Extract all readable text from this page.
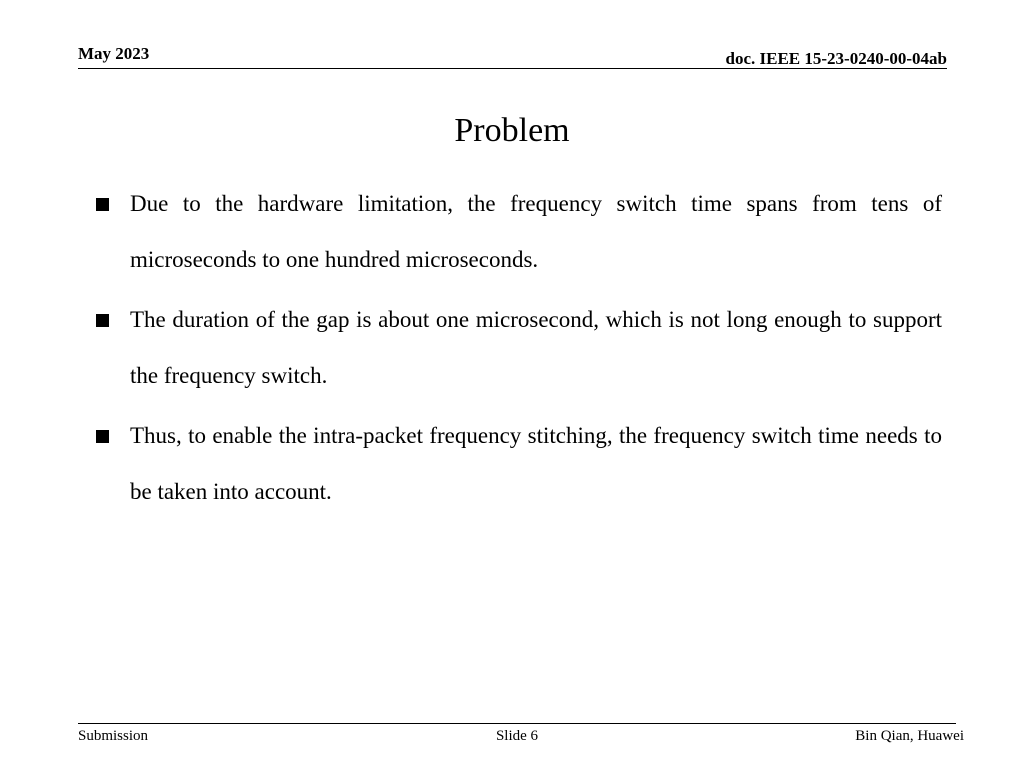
May 2023	doc. IEEE 15-23-0240-00-04ab
Problem
Due to the hardware limitation, the frequency switch time spans from tens of microseconds to one hundred microseconds.
The duration of the gap is about one microsecond, which is not long enough to support the frequency switch.
Thus, to enable the intra-packet frequency stitching, the frequency switch time needs to be taken into account.
Submission	Slide 6	Bin Qian, Huawei
